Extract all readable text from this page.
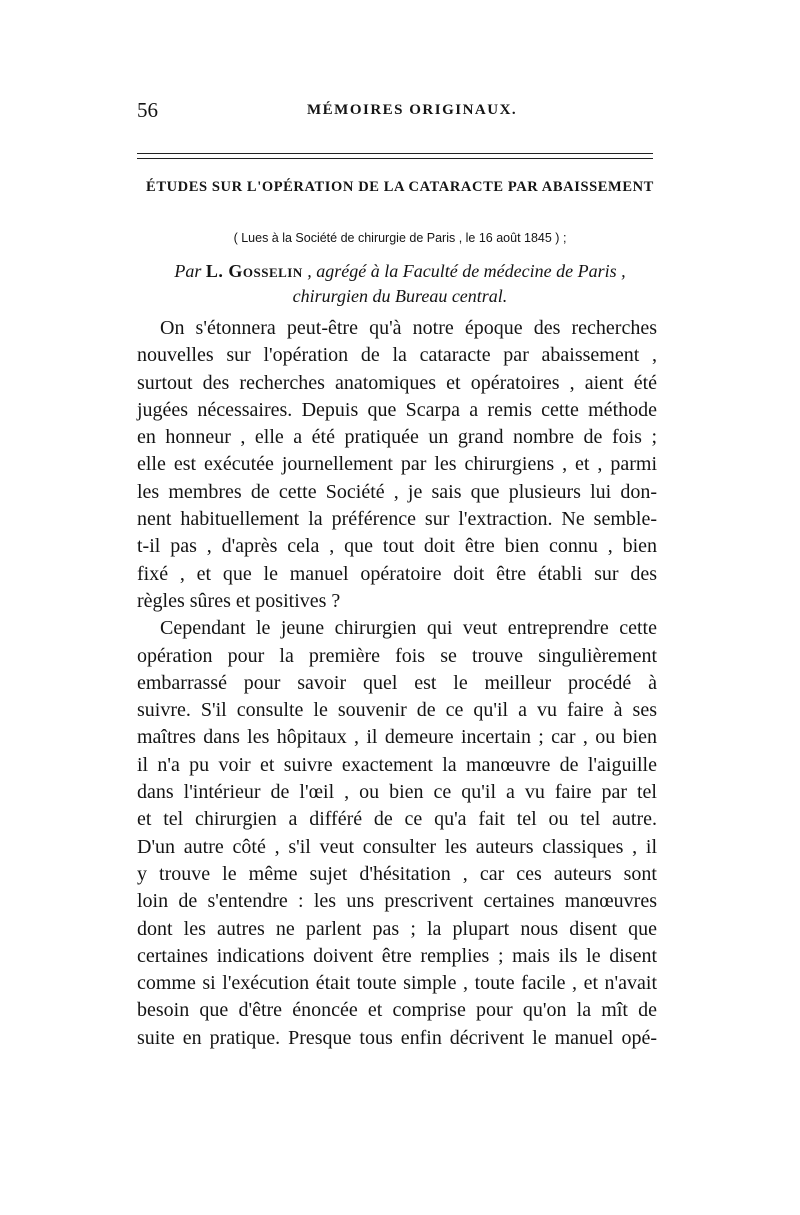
56	MÉMOIRES ORIGINAUX.
ÉTUDES SUR L'OPÉRATION DE LA CATARACTE PAR ABAISSEMENT
( Lues à la Société de chirurgie de Paris , le 16 août 1845 ) ;
Par L. Gosselin , agrégé à la Faculté de médecine de Paris ,
chirurgien du Bureau central.
On s'étonnera peut-être qu'à notre époque des recherches
nouvelles sur l'opération de la cataracte par abaissement ,
surtout des recherches anatomiques et opératoires , aient été
jugées nécessaires. Depuis que Scarpa a remis cette méthode
en honneur , elle a été pratiquée un grand nombre de fois ;
elle est exécutée journellement par les chirurgiens , et , parmi
les membres de cette Société , je sais que plusieurs lui don-
nent habituellement la préférence sur l'extraction. Ne semble-
t-il pas , d'après cela , que tout doit être bien connu , bien
fixé , et que le manuel opératoire doit être établi sur des
règles sûres et positives ?
Cependant le jeune chirurgien qui veut entreprendre cette
opération pour la première fois se trouve singulièrement
embarrassé pour savoir quel est le meilleur procédé à
suivre. S'il consulte le souvenir de ce qu'il a vu faire à ses
maîtres dans les hôpitaux , il demeure incertain ; car , ou bien
il n'a pu voir et suivre exactement la manœuvre de l'aiguille
dans l'intérieur de l'œil , ou bien ce qu'il a vu faire par tel
et tel chirurgien a différé de ce qu'a fait tel ou tel autre.
D'un autre côté , s'il veut consulter les auteurs classiques , il
y trouve le même sujet d'hésitation , car ces auteurs sont
loin de s'entendre : les uns prescrivent certaines manœuvres
dont les autres ne parlent pas ; la plupart nous disent que
certaines indications doivent être remplies ; mais ils le disent
comme si l'exécution était toute simple , toute facile , et n'avait
besoin que d'être énoncée et comprise pour qu'on la mît de
suite en pratique. Presque tous enfin décrivent le manuel opé-
